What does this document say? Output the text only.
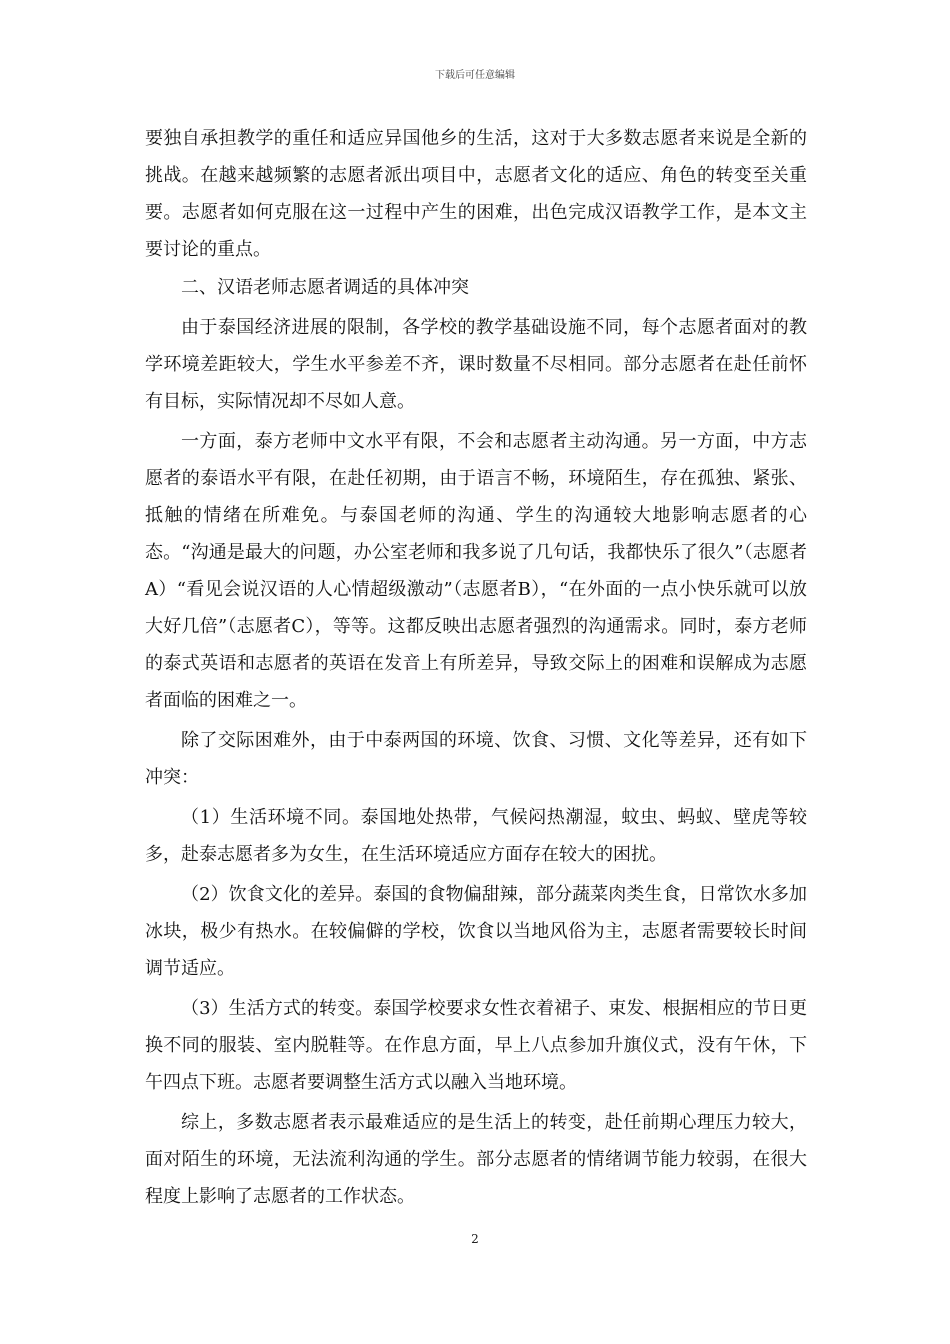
下载后可任意编辑

要独自承担教学的重任和适应异国他乡的生活，这对于大多数志愿者来说是全新的挑战。在越来越频繁的志愿者派出项目中，志愿者文化的适应、角色的转变至关重要。志愿者如何克服在这一过程中产生的困难，出色完成汉语教学工作，是本文主要讨论的重点。

二、汉语老师志愿者调适的具体冲突

由于泰国经济进展的限制，各学校的教学基础设施不同，每个志愿者面对的教学环境差距较大，学生水平参差不齐，课时数量不尽相同。部分志愿者在赴任前怀有目标，实际情况却不尽如人意。

一方面，泰方老师中文水平有限，不会和志愿者主动沟通。另一方面，中方志愿者的泰语水平有限，在赴任初期，由于语言不畅，环境陌生，存在孤独、紧张、抵触的情绪在所难免。与泰国老师的沟通、学生的沟通较大地影响志愿者的心态。“沟通是最大的问题，办公室老师和我多说了几句话，我都快乐了很久”（志愿者A）“看见会说汉语的人心情超级激动”（志愿者B），“在外面的一点小快乐就可以放大好几倍”（志愿者C），等等。这都反映出志愿者强烈的沟通需求。同时，泰方老师的泰式英语和志愿者的英语在发音上有所差异，导致交际上的困难和误解成为志愿者面临的困难之一。

除了交际困难外，由于中泰两国的环境、饮食、习惯、文化等差异，还有如下冲突：

（1）生活环境不同。泰国地处热带，气候闷热潮湿，蚊虫、蚂蚁、壁虎等较多，赴泰志愿者多为女生，在生活环境适应方面存在较大的困扰。

（2）饮食文化的差异。泰国的食物偏甜辣，部分蔬菜肉类生食，日常饮水多加冰块，极少有热水。在较偏僻的学校，饮食以当地风俗为主，志愿者需要较长时间调节适应。

（3）生活方式的转变。泰国学校要求女性衣着裙子、束发、根据相应的节日更换不同的服装、室内脱鞋等。在作息方面，早上八点参加升旗仪式，没有午休，下午四点下班。志愿者要调整生活方式以融入当地环境。

综上，多数志愿者表示最难适应的是生活上的转变，赴任前期心理压力较大，面对陌生的环境，无法流利沟通的学生。部分志愿者的情绪调节能力较弱，在很大程度上影响了志愿者的工作状态。

2
